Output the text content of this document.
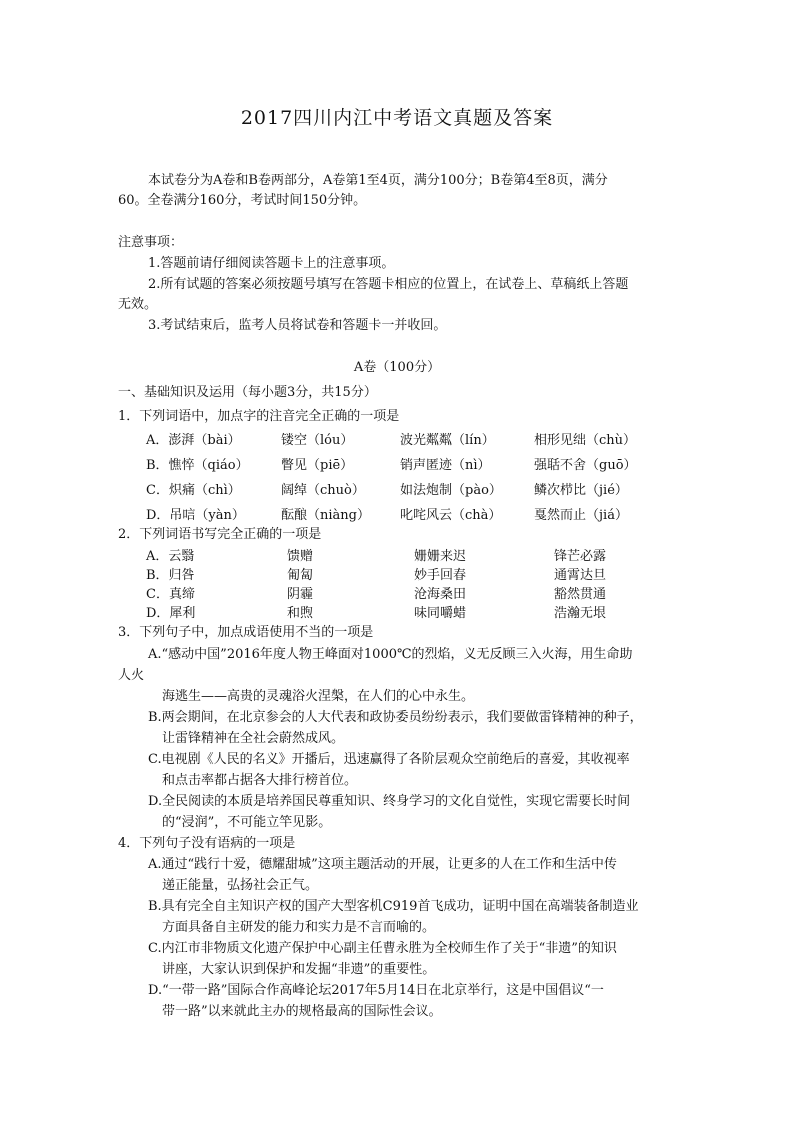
2017四川内江中考语文真题及答案
本试卷分为A卷和B卷两部分，A卷第1至4页，满分100分；B卷第4至8页，满分
60。全卷满分160分，考试时间150分钟。
注意事项：
1.答题前请仔细阅读答题卡上的注意事项。
2.所有试题的答案必须按题号填写在答题卡相应的位置上，在试卷上、草稿纸上答题
无效。
3.考试结束后，监考人员将试卷和答题卡一并收回。
A卷（100分）
一、基础知识及运用（每小题3分，共15分）
1．下列词语中，加点字的注音完全正确的一项是
A．澎湃（bài）	镂空（lóu）	波光粼粼（lín）	相形见绌（chù）
B．憔悴（qiáo） 瞥见（piē）	销声匿迹（nì）	强聒不舍（guō）
C．炽痛（chì）	阔绰（chuò）	如法炮制（pào） 鳞次栉比（jié）
D．吊唁（yàn）	酝酿（niàng） 叱咤风云（chà）	戛然而止（jiá）
2．下列词语书写完全正确的一项是
A．云翳	馈赠	姗姗来迟	锋芒必露
B．归咎	匍匐	妙手回春	通霄达旦
C．真缔	阴霾	沧海桑田	豁然贯通
D．犀利	和煦	味同嚼蜡	浩瀚无垠
3．下列句子中，加点成语使用不当的一项是
A.“感动中国”2016年度人物王峰面对1000℃的烈焰，义无反顾三入火海，用生命助
人火
海逃生——高贵的灵魂浴火涅槃，在人们的心中永生。
B.两会期间，在北京参会的人大代表和政协委员纷纷表示，我们要做雷锋精神的种子，
让雷锋精神在全社会蔚然成风。
C.电视剧《人民的名义》开播后，迅速赢得了各阶层观众空前绝后的喜爱，其收视率
和点击率都占据各大排行榜首位。
D.全民阅读的本质是培养国民尊重知识、终身学习的文化自觉性，实现它需要长时间
的“浸润”，不可能立竿见影。
4．下列句子没有语病的一项是
A.通过“践行十爱，德耀甜城”这项主题活动的开展，让更多的人在工作和生活中传
递正能量，弘扬社会正气。
B.具有完全自主知识产权的国产大型客机C919首飞成功，证明中国在高端装备制造业
方面具备自主研发的能力和实力是不言而喻的。
C.内江市非物质文化遗产保护中心副主任曹永胜为全校师生作了关于“非遗”的知识
讲座，大家认识到保护和发掘“非遗”的重要性。
D.“一带一路”国际合作高峰论坛2017年5月14日在北京举行，这是中国倡议“一
带一路”以来就此主办的规格最高的国际性会议。
